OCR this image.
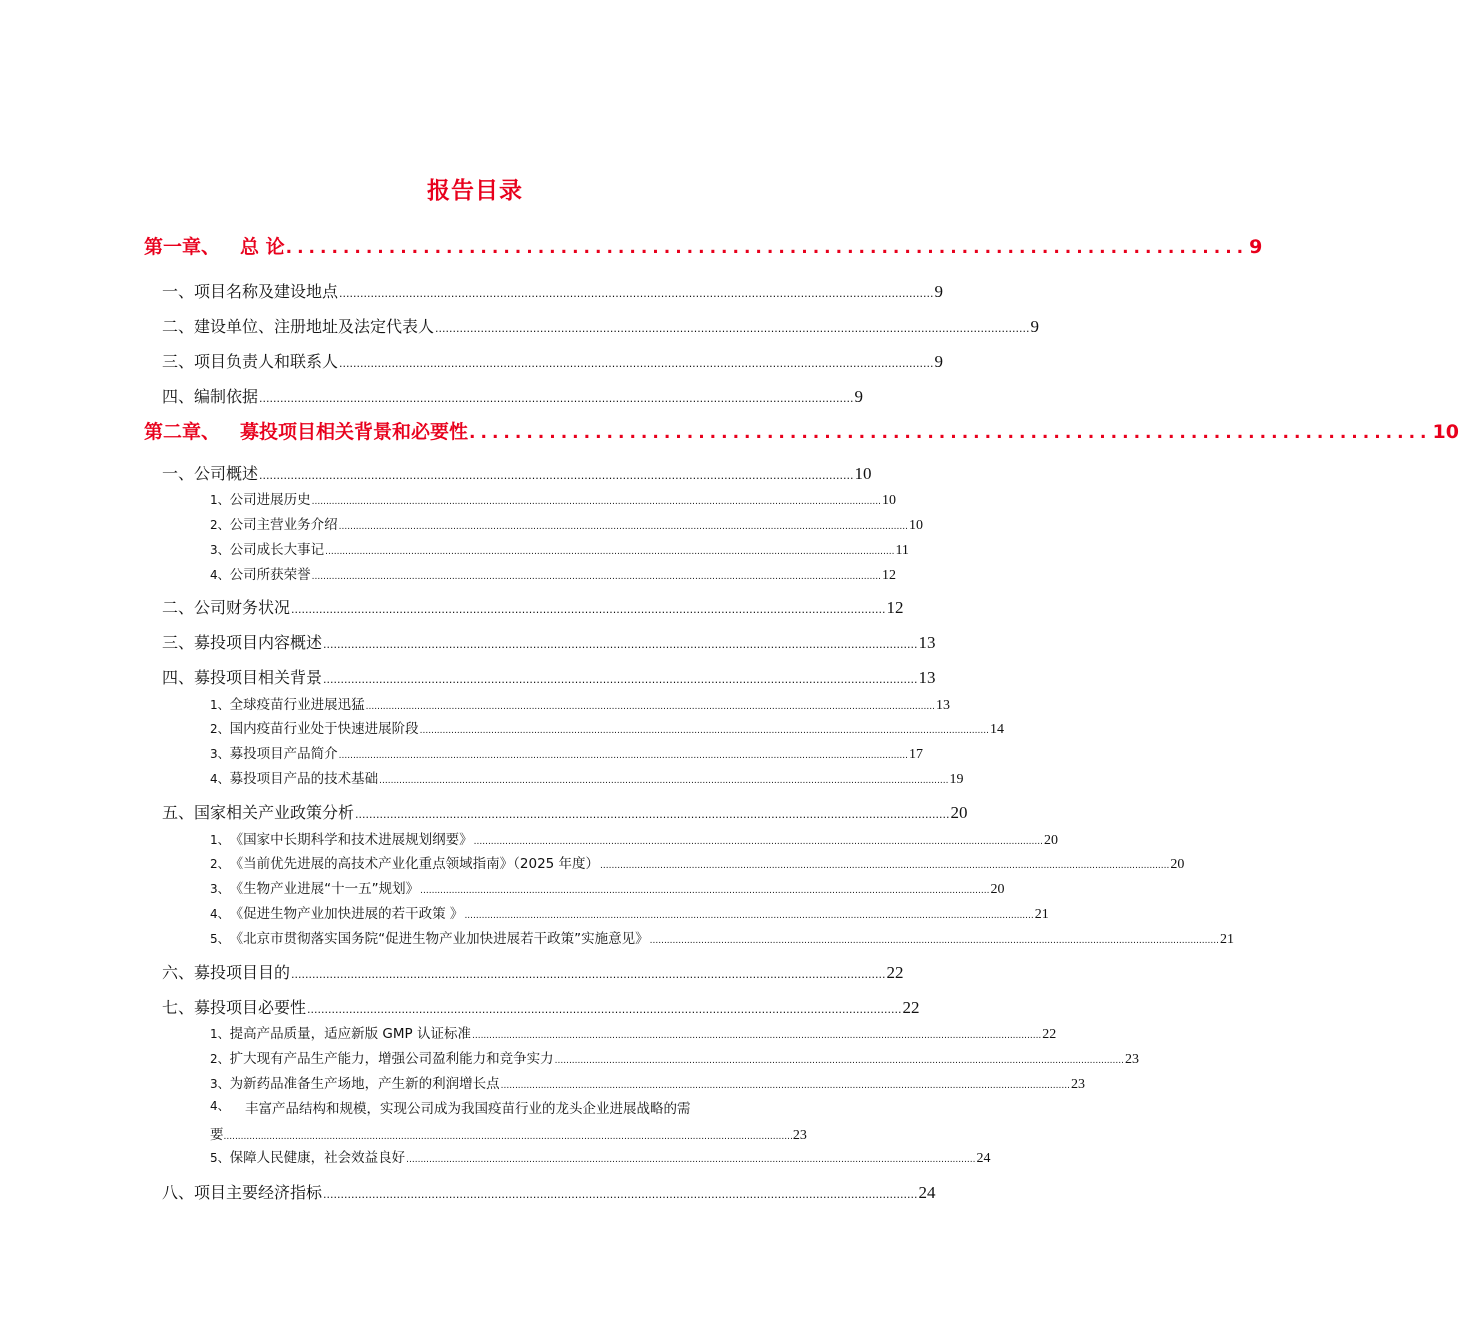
报告目录
第一章、 总 论 .................................................................................... 9
一、 项目名称及建设地点 .......................................................................................................................................................................... 9
二、 建设单位、注册地址及法定代表人 .......................................................................................................................................................................... 9
三、 项目负责人和联系人 .......................................................................................................................................................................... 9
四、 编制依据 .......................................................................................................................................................................... 9
第二章、 募投项目相关背景和必要性 .................................................................................... 10
一、 公司概述 .......................................................................................................................................................................... 10
1、 公司进展历史 ....................................................................................................................................................................................................... 10
2、 公司主营业务介绍 ....................................................................................................................................................................................................... 10
3、 公司成长大事记 ....................................................................................................................................................................................................... 11
4、 公司所获荣誉 ....................................................................................................................................................................................................... 12
二、 公司财务状况 .......................................................................................................................................................................... 12
三、 募投项目内容概述 .......................................................................................................................................................................... 13
四、 募投项目相关背景 .......................................................................................................................................................................... 13
1、 全球疫苗行业进展迅猛 ....................................................................................................................................................................................................... 13
2、 国内疫苗行业处于快速进展阶段 ....................................................................................................................................................................................................... 14
3、 募投项目产品简介 ....................................................................................................................................................................................................... 17
4、 募投项目产品的技术基础 ....................................................................................................................................................................................................... 19
五、 国家相关产业政策分析 .......................................................................................................................................................................... 20
1、 《国家中长期科学和技术进展规划纲要》 ....................................................................................................................................................................................................... 20
2、 《当前优先进展的高技术产业化重点领域指南》（2025 年度） ....................................................................................................................................................................................................... 20
3、 《生物产业进展“十一五”规划》 ....................................................................................................................................................................................................... 20
4、 《促进生物产业加快进展的若干政策 》 ....................................................................................................................................................................................................... 21
5、 《北京市贯彻落实国务院“促进生物产业加快进展若干政策”实施意见》 ....................................................................................................................................................................................................... 21
六、 募投项目目的 .......................................................................................................................................................................... 22
七、 募投项目必要性 .......................................................................................................................................................................... 22
1、 提高产品质量，适应新版 GMP 认证标准 ....................................................................................................................................................................................................... 22
2、 扩大现有产品生产能力，增强公司盈利能力和竞争实力 ....................................................................................................................................................................................................... 23
3、 为新药品准备生产场地，产生新的利润增长点 ....................................................................................................................................................................................................... 23
4、	丰富产品结构和规模，实现公司成为我国疫苗行业的龙头企业进展战略的需
要 ....................................................................................................................................................................................................... 23
5、 保障人民健康，社会效益良好 ....................................................................................................................................................................................................... 24
八、 项目主要经济指标 .......................................................................................................................................................................... 24
